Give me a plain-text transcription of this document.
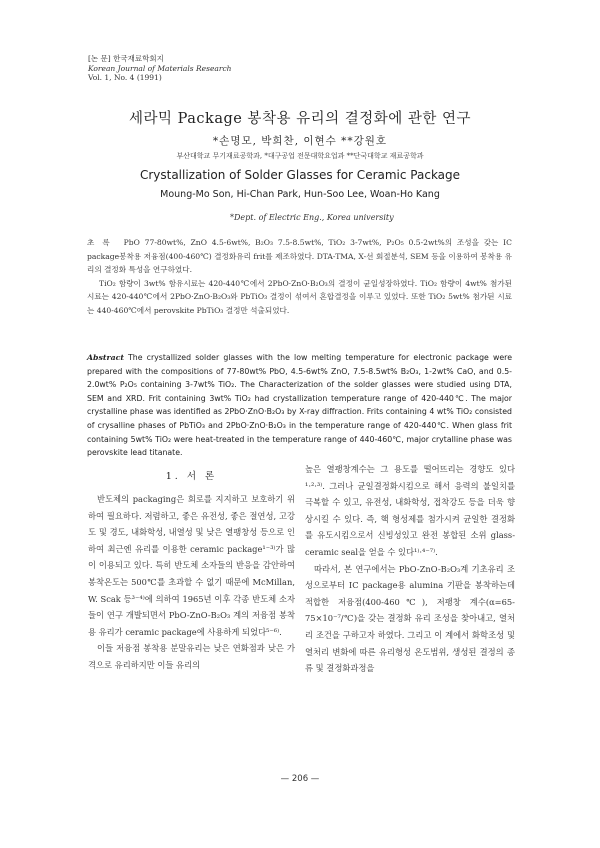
[논 문] 한국재료학회지
Korean Journal of Materials Research
Vol. 1, No. 4 (1991)
세라믹 Package 봉착용 유리의 결정화에 관한 연구
*손명모, 박희찬, 이현수 **강원호
부산대학교 무기재료공학과, *대구공업 전문대학요업과 **단국대학교 재료공학과
Crystallization of Solder Glasses for Ceramic Package
Moung-Mo Son, Hi-Chan Park, Hun-Soo Lee, Woan-Ho Kang
*Dept. of Electric Eng., Korea university

초록 PbO 77-80wt%, ZnO 4.5-6wt%, B₂O₃ 7.5-8.5wt%, TiO₂ 3-7wt%, P₂O₅ 0.5-2wt%의 조성을 갖는 IC package봉착용 저융점(400-460℃) 결정화유리 frit를 제조하였다. DTA-TMA, X-선 회절분석, SEM 등을 이용하여 봉착용 유리의 결정화 특성을 연구하였다.

TiO₂ 함량이 3wt% 함유시료는 420-440℃에서 2PbO·ZnO·B₂O₃의 결정이 균일성장하였다. TiO₂ 함량이 4wt% 첨가된 시료는 420-440℃에서 2PbO·ZnO·B₂O₃와 PbTiO₃ 결정이 섞여서 혼합결정을 이루고 있었다. 또한 TiO₂ 5wt% 첨가된 시료는 440-460℃에서 perovskite PbTiO₃ 결정만 석출되었다.

Abstract The crystallized solder glasses with the low melting temperature for electronic package were prepared with the compositions of 77-80wt% PbO, 4.5-6wt% ZnO, 7.5-8.5wt% B₂O₃, 1-2wt% CaO, and 0.5-2.0wt% P₂O₅ containing 3-7wt% TiO₂. The Characterization of the solder glasses were studied using DTA, SEM and XRD. Frit containing 3wt% TiO₂ had crystallization temperature range of 420-440℃. The major crystalline phase was identified as 2PbO·ZnO·B₂O₃ by X-ray diffraction. Frits containing 4 wt% TiO₂ consisted of crysalline phases of PbTiO₃ and 2PbO·ZnO·B₂O₃ in the temperature range of 420-440℃. When glass frit containing 5wt% TiO₂ were heat-treated in the temperature range of 440-460℃, major crytalline phase was perovskite lead titanate.
1. 서 론

반도체의 packaging은 회로를 지지하고 보호하기 위하여 필요하다. 저렴하고, 좋은 유전성, 좋은 절연성, 고강도 및 경도, 내화학성, 내열성 및 낮은 열팽창성 등으로 인하여 최근엔 유리를 이용한 ceramic package¹⁻³⁾가 많이 이용되고 있다. 특히 반도체 소자들의 반응을 감안하여 봉착온도는 500℃를 초과할 수 없기 때문에 McMillan, W. Scak 등³⁻⁴⁾에 의하여 1965년 이후 각종 반도체 소자들이 연구 개발되면서 PbO-ZnO-B₂O₃ 계의 저융점 봉착용 유리가 ceramic package에 사용하게 되었다⁵⁻⁶⁾.

이들 저융점 봉착용 분말유리는 낮은 연화점과 낮은 가격으로 유리하지만 이들 유리의

높은 열팽창계수는 그 용도를 떨어뜨리는 경향도 있다¹·²·³⁾. 그러나 균일결정화시킴으로 해서 응력의 불일치를 극복할 수 있고, 유전성, 내화학성, 접착강도 등을 더욱 향상시킬 수 있다. 즉, 핵 형성제를 첨가시켜 균일한 결정화를 유도시킴으로서 신빙성있고 완전 봉합된 소위 glass-ceramic seal을 얻을 수 있다¹⁾·⁴⁻⁷⁾.

따라서, 본 연구에서는 PbO-ZnO-B₂O₃계 기초유리 조성으로부터 IC package용 alumina 기판을 봉착하는데 적합한 저융점(400-460℃), 저팽창 계수(α=65-75×10⁻⁷/℃)을 갖는 결정화 유리 조성을 찾아내고, 열처리 조건을 구하고자 하였다. 그리고 이 계에서 화학조성 및 열처리 변화에 따른 유리형성 온도범위, 생성된 결정의 종류 및 결정화과정을

— 206 —
